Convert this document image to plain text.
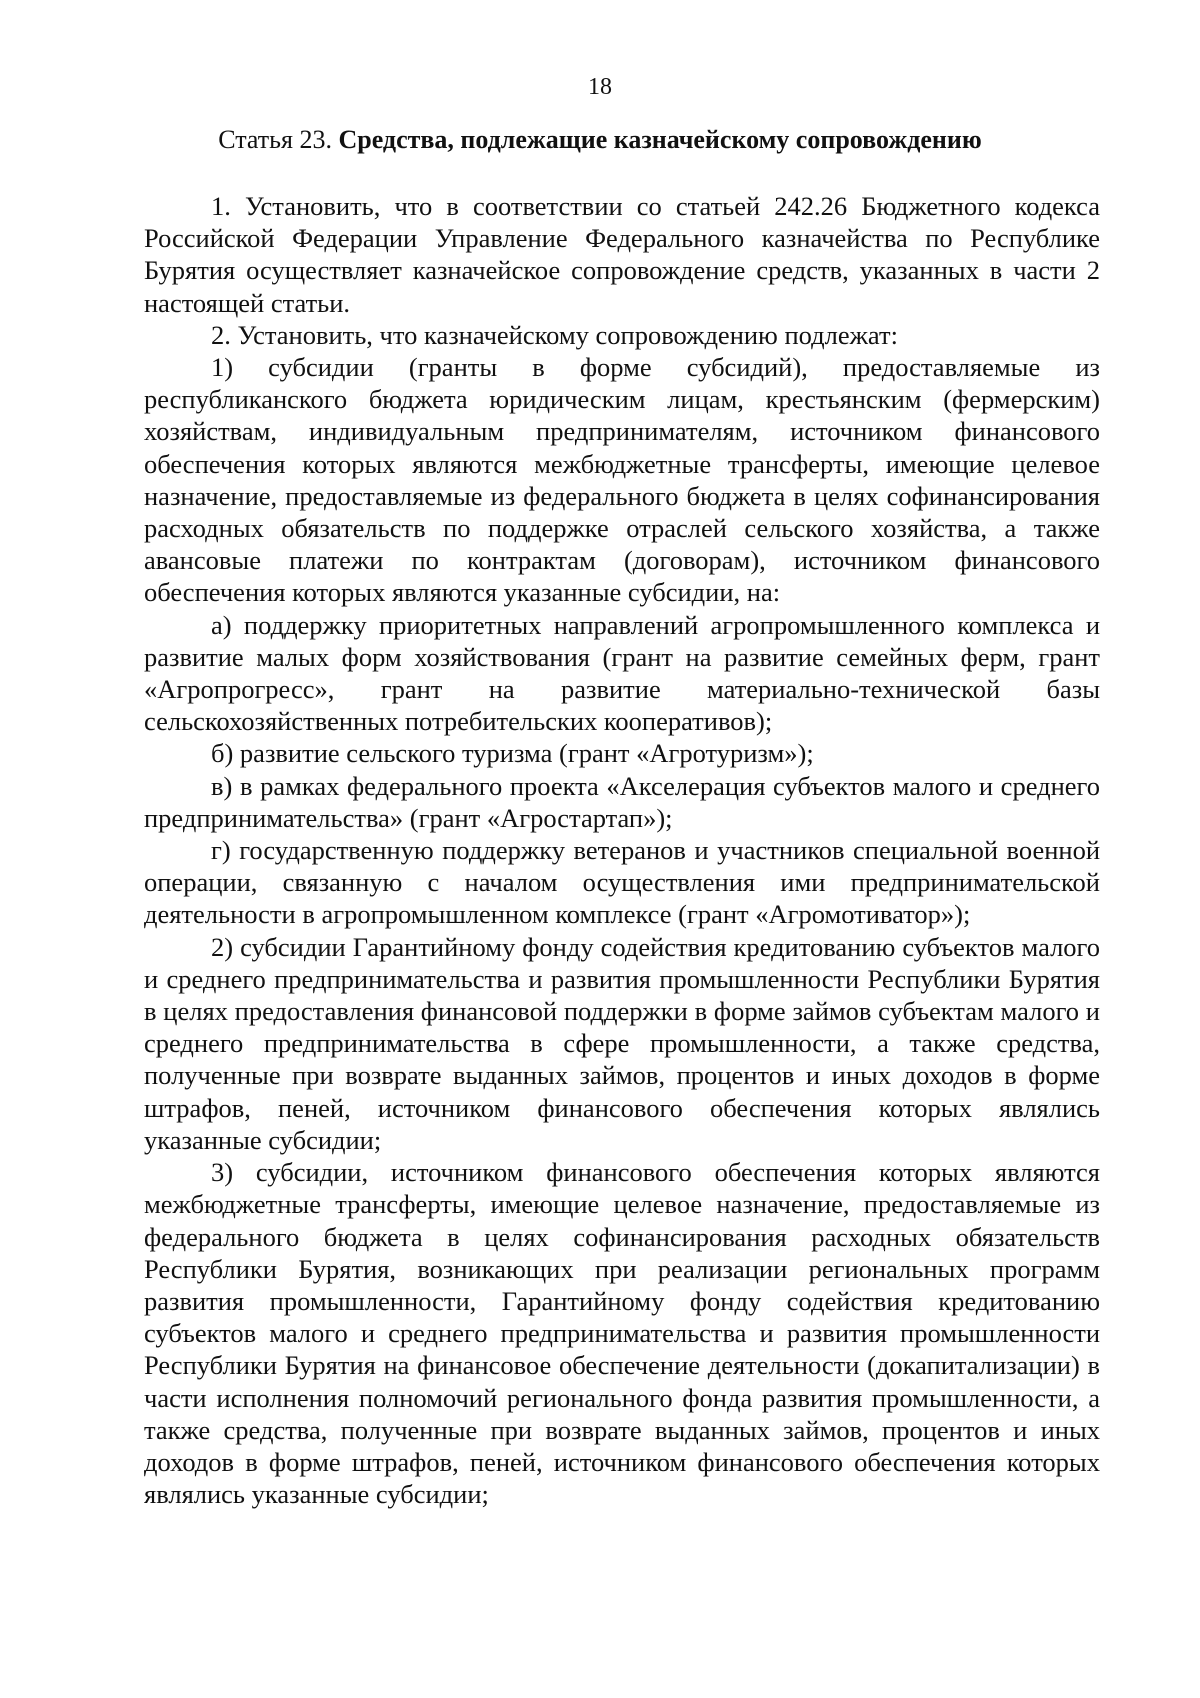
18
Статья 23. Средства, подлежащие казначейскому сопровождению

1. Установить, что в соответствии со статьей 242.26 Бюджетного кодекса Российской Федерации Управление Федерального казначейства по Республике Бурятия осуществляет казначейское сопровождение средств, указанных в части 2 настоящей статьи.

2. Установить, что казначейскому сопровождению подлежат:

1) субсидии (гранты в форме субсидий), предоставляемые из республиканского бюджета юридическим лицам, крестьянским (фермерским) хозяйствам, индивидуальным предпринимателям, источником финансового обеспечения которых являются межбюджетные трансферты, имеющие целевое назначение, предоставляемые из федерального бюджета в целях софинансирования расходных обязательств по поддержке отраслей сельского хозяйства, а также авансовые платежи по контрактам (договорам), источником финансового обеспечения которых являются указанные субсидии, на:

а) поддержку приоритетных направлений агропромышленного комплекса и развитие малых форм хозяйствования (грант на развитие семейных ферм, грант «Агропрогресс», грант на развитие материально-технической базы сельскохозяйственных потребительских кооперативов);

б) развитие сельского туризма (грант «Агротуризм»);

в) в рамках федерального проекта «Акселерация субъектов малого и среднего предпринимательства» (грант «Агростартап»);

г) государственную поддержку ветеранов и участников специальной военной операции, связанную с началом осуществления ими предпринимательской деятельности в агропромышленном комплексе (грант «Агромотиватор»);

2) субсидии Гарантийному фонду содействия кредитованию субъектов малого и среднего предпринимательства и развития промышленности Республики Бурятия в целях предоставления финансовой поддержки в форме займов субъектам малого и среднего предпринимательства в сфере промышленности, а также средства, полученные при возврате выданных займов, процентов и иных доходов в форме штрафов, пеней, источником финансового обеспечения которых являлись указанные субсидии;

3) субсидии, источником финансового обеспечения которых являются межбюджетные трансферты, имеющие целевое назначение, предоставляемые из федерального бюджета в целях софинансирования расходных обязательств Республики Бурятия, возникающих при реализации региональных программ развития промышленности, Гарантийному фонду содействия кредитованию субъектов малого и среднего предпринимательства и развития промышленности Республики Бурятия на финансовое обеспечение деятельности (докапитализации) в части исполнения полномочий регионального фонда развития промышленности, а также средства, полученные при возврате выданных займов, процентов и иных доходов в форме штрафов, пеней, источником финансового обеспечения которых являлись указанные субсидии;
